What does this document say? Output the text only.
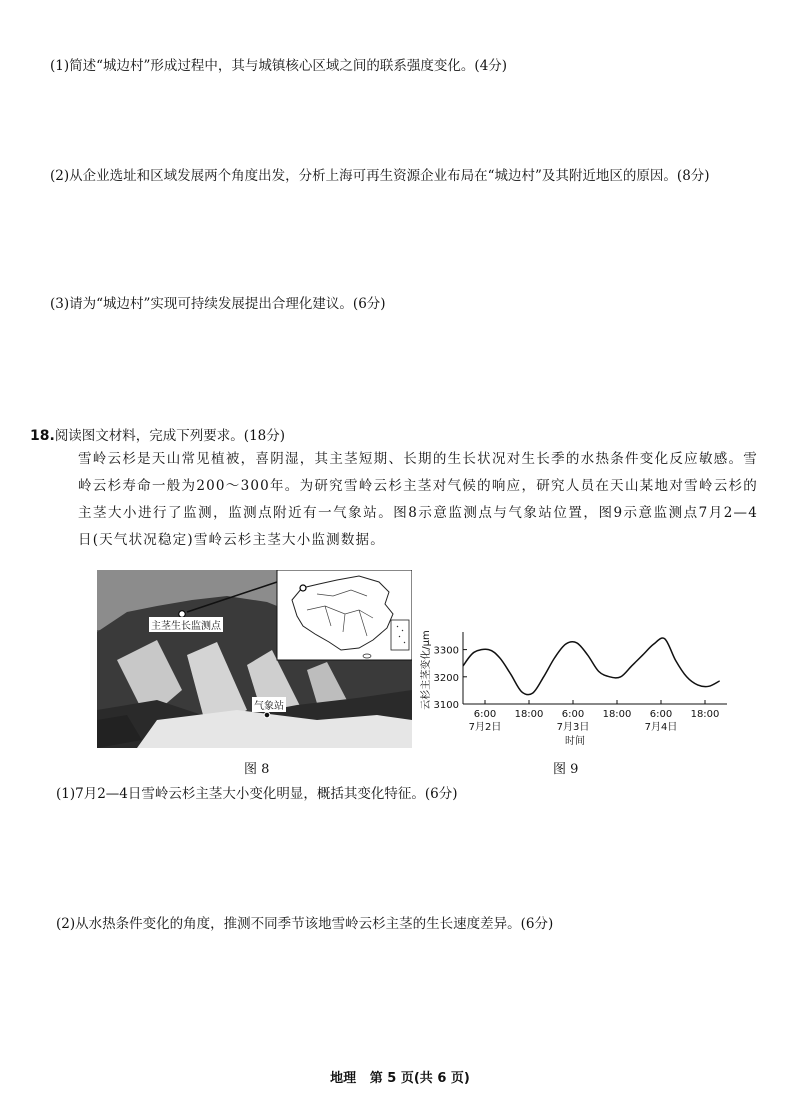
(1)简述“城边村”形成过程中，其与城镇核心区域之间的联系强度变化。(4分)
(2)从企业选址和区域发展两个角度出发，分析上海可再生资源企业布局在“城边村”及其附近地区的原因。(8分)
(3)请为“城边村”实现可持续发展提出合理化建议。(6分)
18.阅读图文材料，完成下列要求。(18分)
雪岭云杉是天山常见植被，喜阴湿，其主茎短期、长期的生长状况对生长季的水热条件变化反应敏感。雪岭云杉寿命一般为200～300年。为研究雪岭云杉主茎对气候的响应，研究人员在天山某地对雪岭云杉的主茎大小进行了监测，监测点附近有一气象站。图8示意监测点与气象站位置，图9示意监测点7月2—4日(天气状况稳定)雪岭云杉主茎大小监测数据。
主茎生长监测点
气象站
图 8
3100
3200
3300
6:00 18:00 6:00 18:00 6:00 18:00
7月2日	7月3日	7月4日
时间
云杉主茎变化/μm
图 9
(1)7月2—4日雪岭云杉主茎大小变化明显，概括其变化特征。(6分)
(2)从水热条件变化的角度，推测不同季节该地雪岭云杉主茎的生长速度差异。(6分)
地理 第 5 页(共 6 页)
